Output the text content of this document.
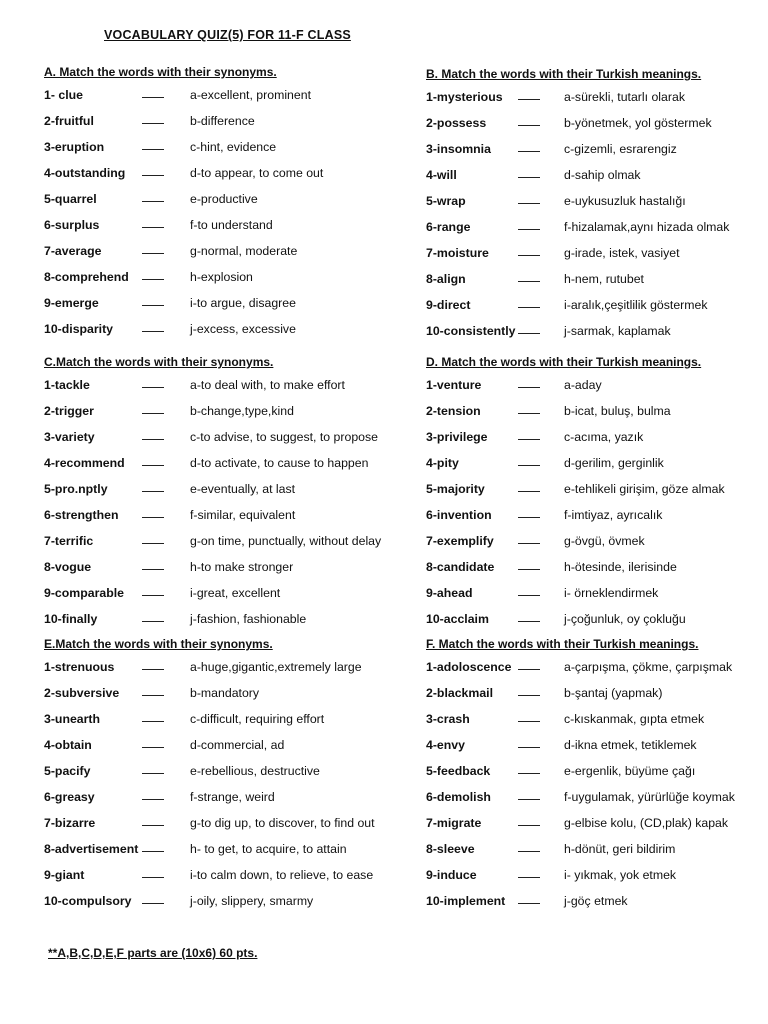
VOCABULARY QUIZ(5) FOR 11-F CLASS
A. Match the words with their synonyms.
1- clue	a-excellent, prominent
2-fruitful	b-difference
3-eruption	c-hint, evidence
4-outstanding	d-to appear, to come out
5-quarrel	e-productive
6-surplus	f-to understand
7-average	g-normal, moderate
8-comprehend	h-explosion
9-emerge	i-to argue, disagree
10-disparity	j-excess, excessive
C.Match the words with their synonyms.
1-tackle	a-to deal with, to make effort
2-trigger	b-change,type,kind
3-variety	c-to advise, to suggest, to propose
4-recommend	d-to activate, to cause to happen
5-pro.nptly	e-eventually, at last
6-strengthen	f-similar, equivalent
7-terrific	g-on time, punctually, without delay
8-vogue	h-to make stronger
9-comparable	i-great, excellent
10-finally	j-fashion, fashionable
E.Match the words with their synonyms.
1-strenuous	a-huge,gigantic,extremely large
2-subversive	b-mandatory
3-unearth	c-difficult, requiring effort
4-obtain	d-commercial, ad
5-pacify	e-rebellious, destructive
6-greasy	f-strange, weird
7-bizarre	g-to dig up, to discover, to find out
8-advertisement	h- to get, to acquire, to attain
9-giant	i-to calm down, to relieve, to ease
10-compulsory	j-oily, slippery, smarmy
B. Match the words with their Turkish meanings.
1-mysterious	a-sürekli, tutarlı olarak
2-possess	b-yönetmek, yol göstermek
3-insomnia	c-gizemli, esrarengiz
4-will	d-sahip olmak
5-wrap	e-uykusuzluk hastalığı
6-range	f-hizalamak,aynı hizada olmak
7-moisture	g-irade, istek, vasiyet
8-align	h-nem, rutubet
9-direct	i-aralık,çeşitlilik göstermek
10-consistently	j-sarmak, kaplamak
D. Match the words with their Turkish meanings.
1-venture	a-aday
2-tension	b-icat, buluş, bulma
3-privilege	c-acıma, yazık
4-pity	d-gerilim, gerginlik
5-majority	e-tehlikeli girişim, göze almak
6-invention	f-imtiyaz, ayrıcalık
7-exemplify	g-övgü, övmek
8-candidate	h-ötesinde, ilerisinde
9-ahead	i- örneklendirmek
10-acclaim	j-çoğunluk, oy çokluğu
F. Match the words with their Turkish meanings.
1-adoloscence	a-çarpışma, çökme, çarpışmak
2-blackmail	b-şantaj (yapmak)
3-crash	c-kıskanmak, gıpta etmek
4-envy	d-ikna etmek, tetiklemek
5-feedback	e-ergenlik, büyüme çağı
6-demolish	f-uygulamak, yürürlüğe koymak
7-migrate	g-elbise kolu, (CD,plak) kapak
8-sleeve	h-dönüt, geri bildirim
9-induce	i- yıkmak, yok etmek
10-implement	j-göç etmek
**A,B,C,D,E,F parts are (10x6) 60 pts.
